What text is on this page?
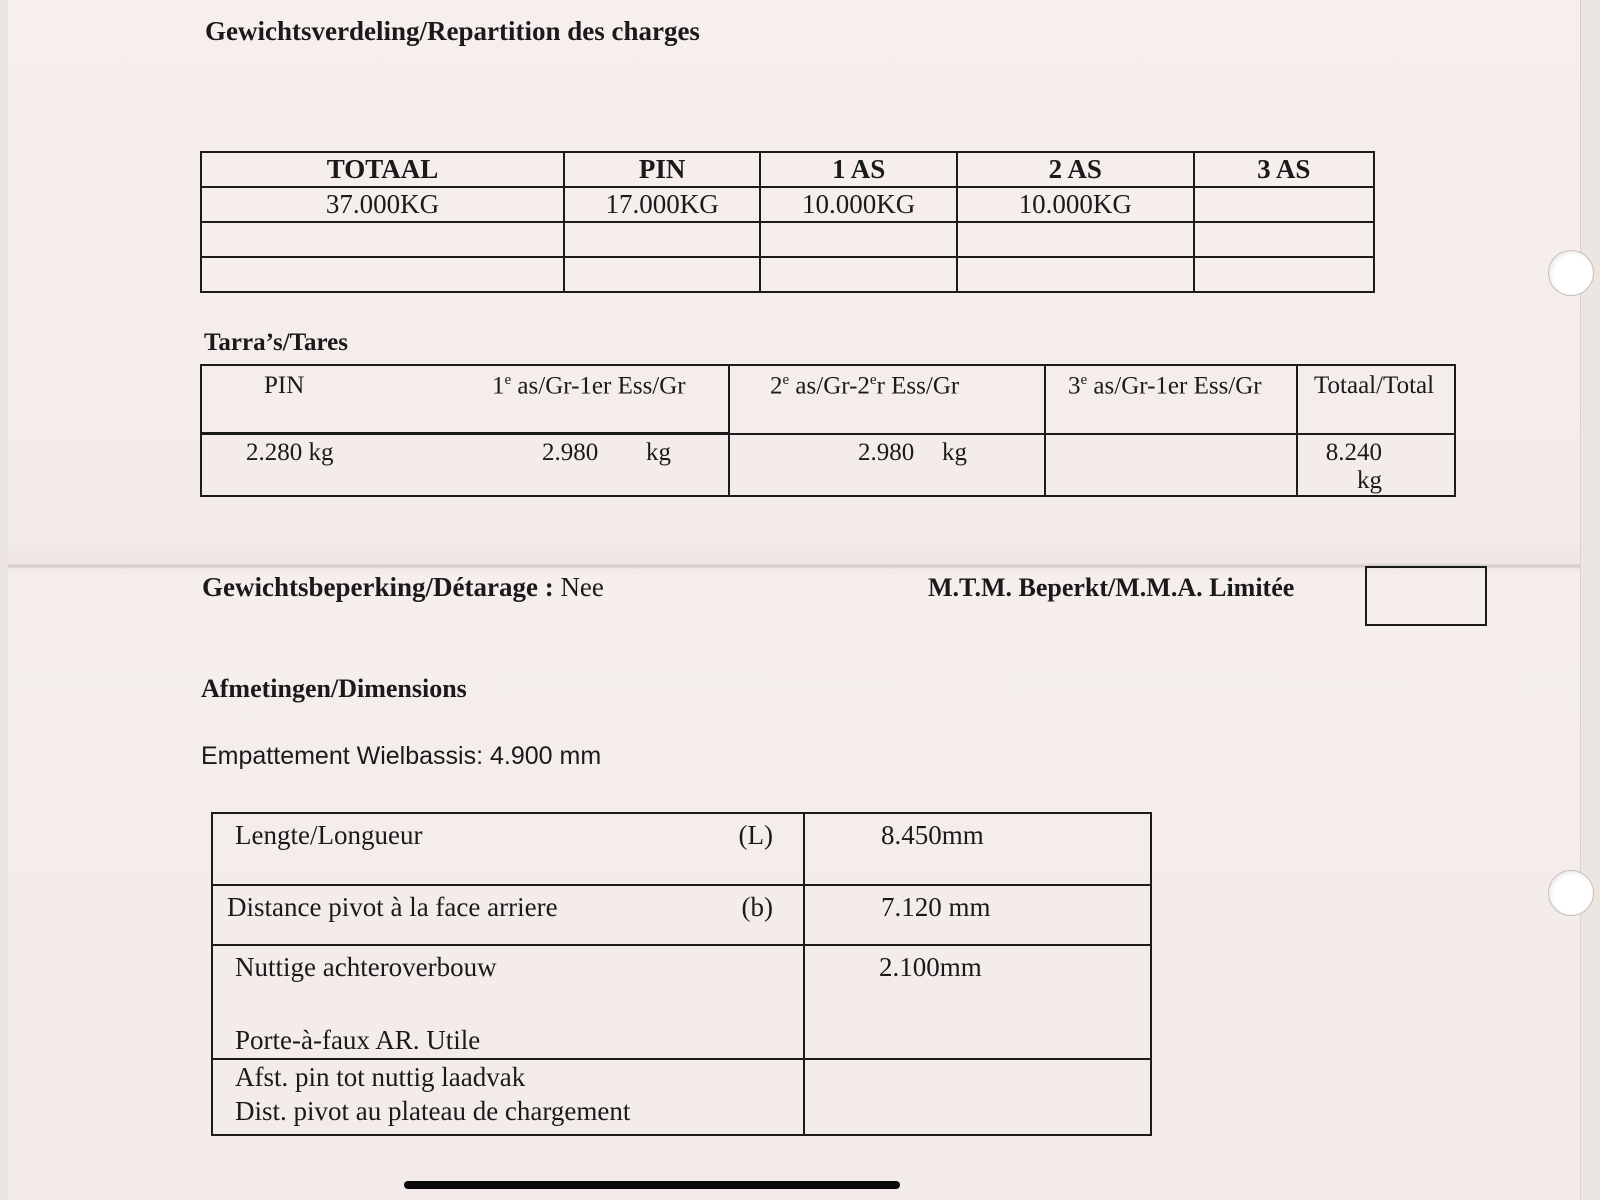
Gewichtsverdeling/Repartition des charges
TOTAAL	PIN	1 AS	2 AS	3 AS
37.000KG	17.000KG	10.000KG	10.000KG	

Tarra’s/Tares
PIN 1e as/Gr-1er Ess/Gr	2e as/Gr-2er Ess/Gr	3e as/Gr-1er Ess/Gr	Totaal/Total

2.280 kg 2.980 kg	2.980 kg		8.240 kg
Gewichtsbeperking/Détarage : Nee	M.T.M. Beperkt/M.M.A. Limitée
Afmetingen/Dimensions
Empattement Wielbassis: 4.900 mm
Lengte/Longueur (L)	8.450mm
Distance pivot à la face arriere (b)	7.120 mm

Nuttige achteroverbouw
Porte-à-faux AR. Utile	2.100mm

Afst. pin tot nuttig laadvak
Dist. pivot au plateau de chargement	
